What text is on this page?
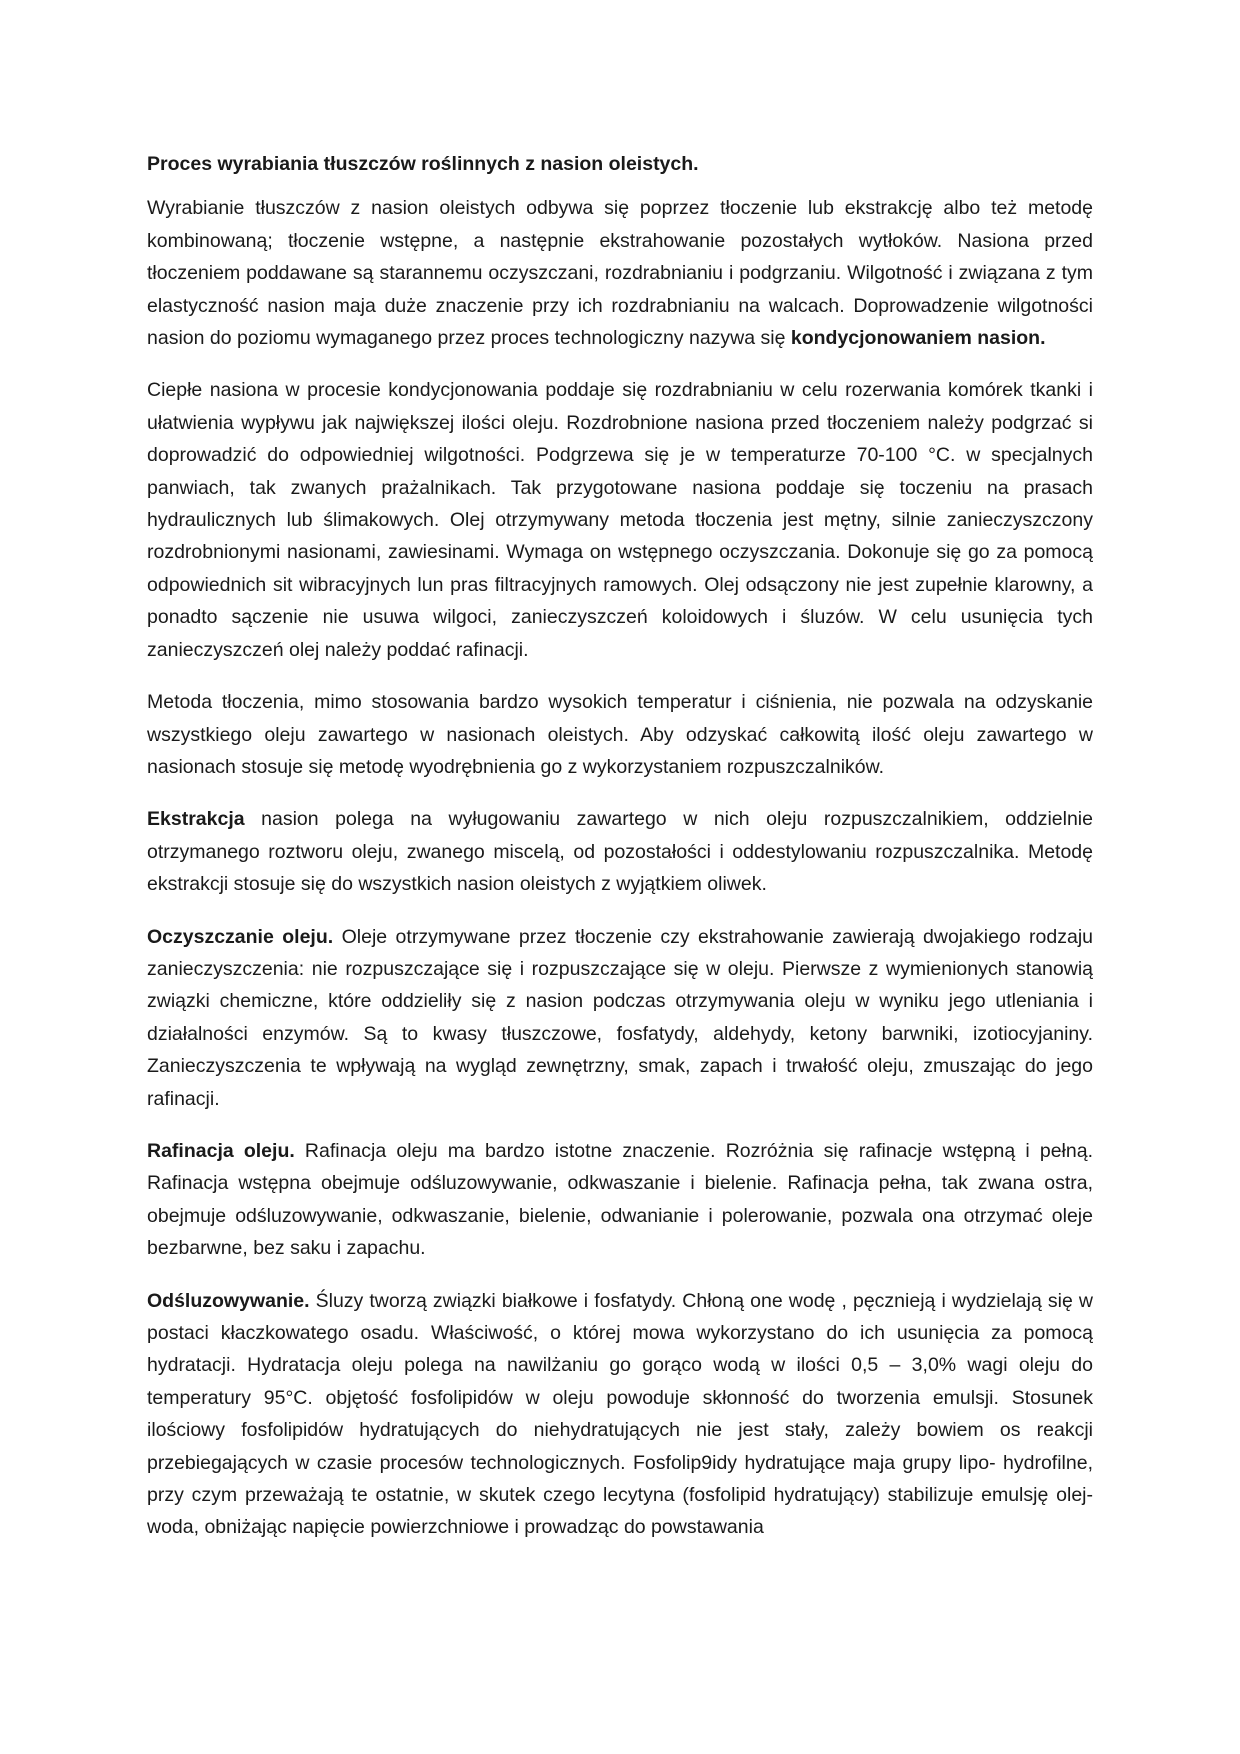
Proces wyrabiania tłuszczów roślinnych z nasion oleistych.

Wyrabianie tłuszczów z nasion oleistych odbywa się poprzez tłoczenie lub ekstrakcję albo też metodę kombinowaną; tłoczenie wstępne, a następnie ekstrahowanie pozostałych wytłoków. Nasiona przed tłoczeniem poddawane są starannemu oczyszczani, rozdrabnianiu i podgrzaniu. Wilgotność i związana z tym elastyczność nasion maja duże znaczenie przy ich rozdrabnianiu na walcach. Doprowadzenie wilgotności nasion do poziomu wymaganego przez proces technologiczny nazywa się kondycjonowaniem nasion.

Ciepłe nasiona w procesie kondycjonowania poddaje się rozdrabnianiu w celu rozerwania komórek tkanki i ułatwienia wypływu jak największej ilości oleju. Rozdrobnione nasiona przed tłoczeniem należy podgrzać si doprowadzić do odpowiedniej wilgotności. Podgrzewa się je w temperaturze 70-100 °C. w specjalnych panwiach, tak zwanych prażalnikach. Tak przygotowane nasiona poddaje się toczeniu na prasach hydraulicznych lub ślimakowych. Olej otrzymywany metoda tłoczenia jest mętny, silnie zanieczyszczony rozdrobnionymi nasionami, zawiesinami. Wymaga on wstępnego oczyszczania. Dokonuje się go za pomocą odpowiednich sit wibracyjnych lun pras filtracyjnych ramowych. Olej odsączony nie jest zupełnie klarowny, a ponadto sączenie nie usuwa wilgoci, zanieczyszczeń koloidowych i śluzów. W celu usunięcia tych zanieczyszczeń olej należy poddać rafinacji.

Metoda tłoczenia, mimo stosowania bardzo wysokich temperatur i ciśnienia, nie pozwala na odzyskanie wszystkiego oleju zawartego w nasionach oleistych. Aby odzyskać całkowitą ilość oleju zawartego w nasionach stosuje się metodę wyodrębnienia go z wykorzystaniem rozpuszczalników.

Ekstrakcja nasion polega na wyługowaniu zawartego w nich oleju rozpuszczalnikiem, oddzielnie otrzymanego roztworu oleju, zwanego miscelą, od pozostałości i oddestylowaniu rozpuszczalnika. Metodę ekstrakcji stosuje się do wszystkich nasion oleistych z wyjątkiem oliwek.

Oczyszczanie oleju. Oleje otrzymywane przez tłoczenie czy ekstrahowanie zawierają dwojakiego rodzaju zanieczyszczenia: nie rozpuszczające się i rozpuszczające się w oleju. Pierwsze z wymienionych stanowią związki chemiczne, które oddzieliły się z nasion podczas otrzymywania oleju w wyniku jego utleniania i działalności enzymów. Są to kwasy tłuszczowe, fosfatydy, aldehydy, ketony barwniki, izotiocyjaniny. Zanieczyszczenia te wpływają na wygląd zewnętrzny, smak, zapach i trwałość oleju, zmuszając do jego rafinacji.

Rafinacja oleju. Rafinacja oleju ma bardzo istotne znaczenie. Rozróżnia się rafinacje wstępną i pełną. Rafinacja wstępna obejmuje odśluzowywanie, odkwaszanie i bielenie. Rafinacja pełna, tak zwana ostra, obejmuje odśluzowywanie, odkwaszanie, bielenie, odwanianie i polerowanie, pozwala ona otrzymać oleje bezbarwne, bez saku i zapachu.

Odśluzowywanie. Śluzy tworzą związki białkowe i fosfatydy. Chłoną one wodę , pęcznieją i wydzielają się w postaci kłaczkowatego osadu. Właściwość, o której mowa wykorzystano do ich usunięcia za pomocą hydratacji. Hydratacja oleju polega na nawilżaniu go gorąco wodą w ilości 0,5 – 3,0% wagi oleju do temperatury 95°C. objętość fosfolipidów w oleju powoduje skłonność do tworzenia emulsji. Stosunek ilościowy fosfolipidów hydratujących do niehydratujących nie jest stały, zależy bowiem os reakcji przebiegających w czasie procesów technologicznych. Fosfolip9idy hydratujące maja grupy lipo- hydrofilne, przy czym przeważają te ostatnie, w skutek czego lecytyna (fosfolipid hydratujący) stabilizuje emulsję olej- woda, obniżając napięcie powierzchniowe i prowadząc do powstawania
